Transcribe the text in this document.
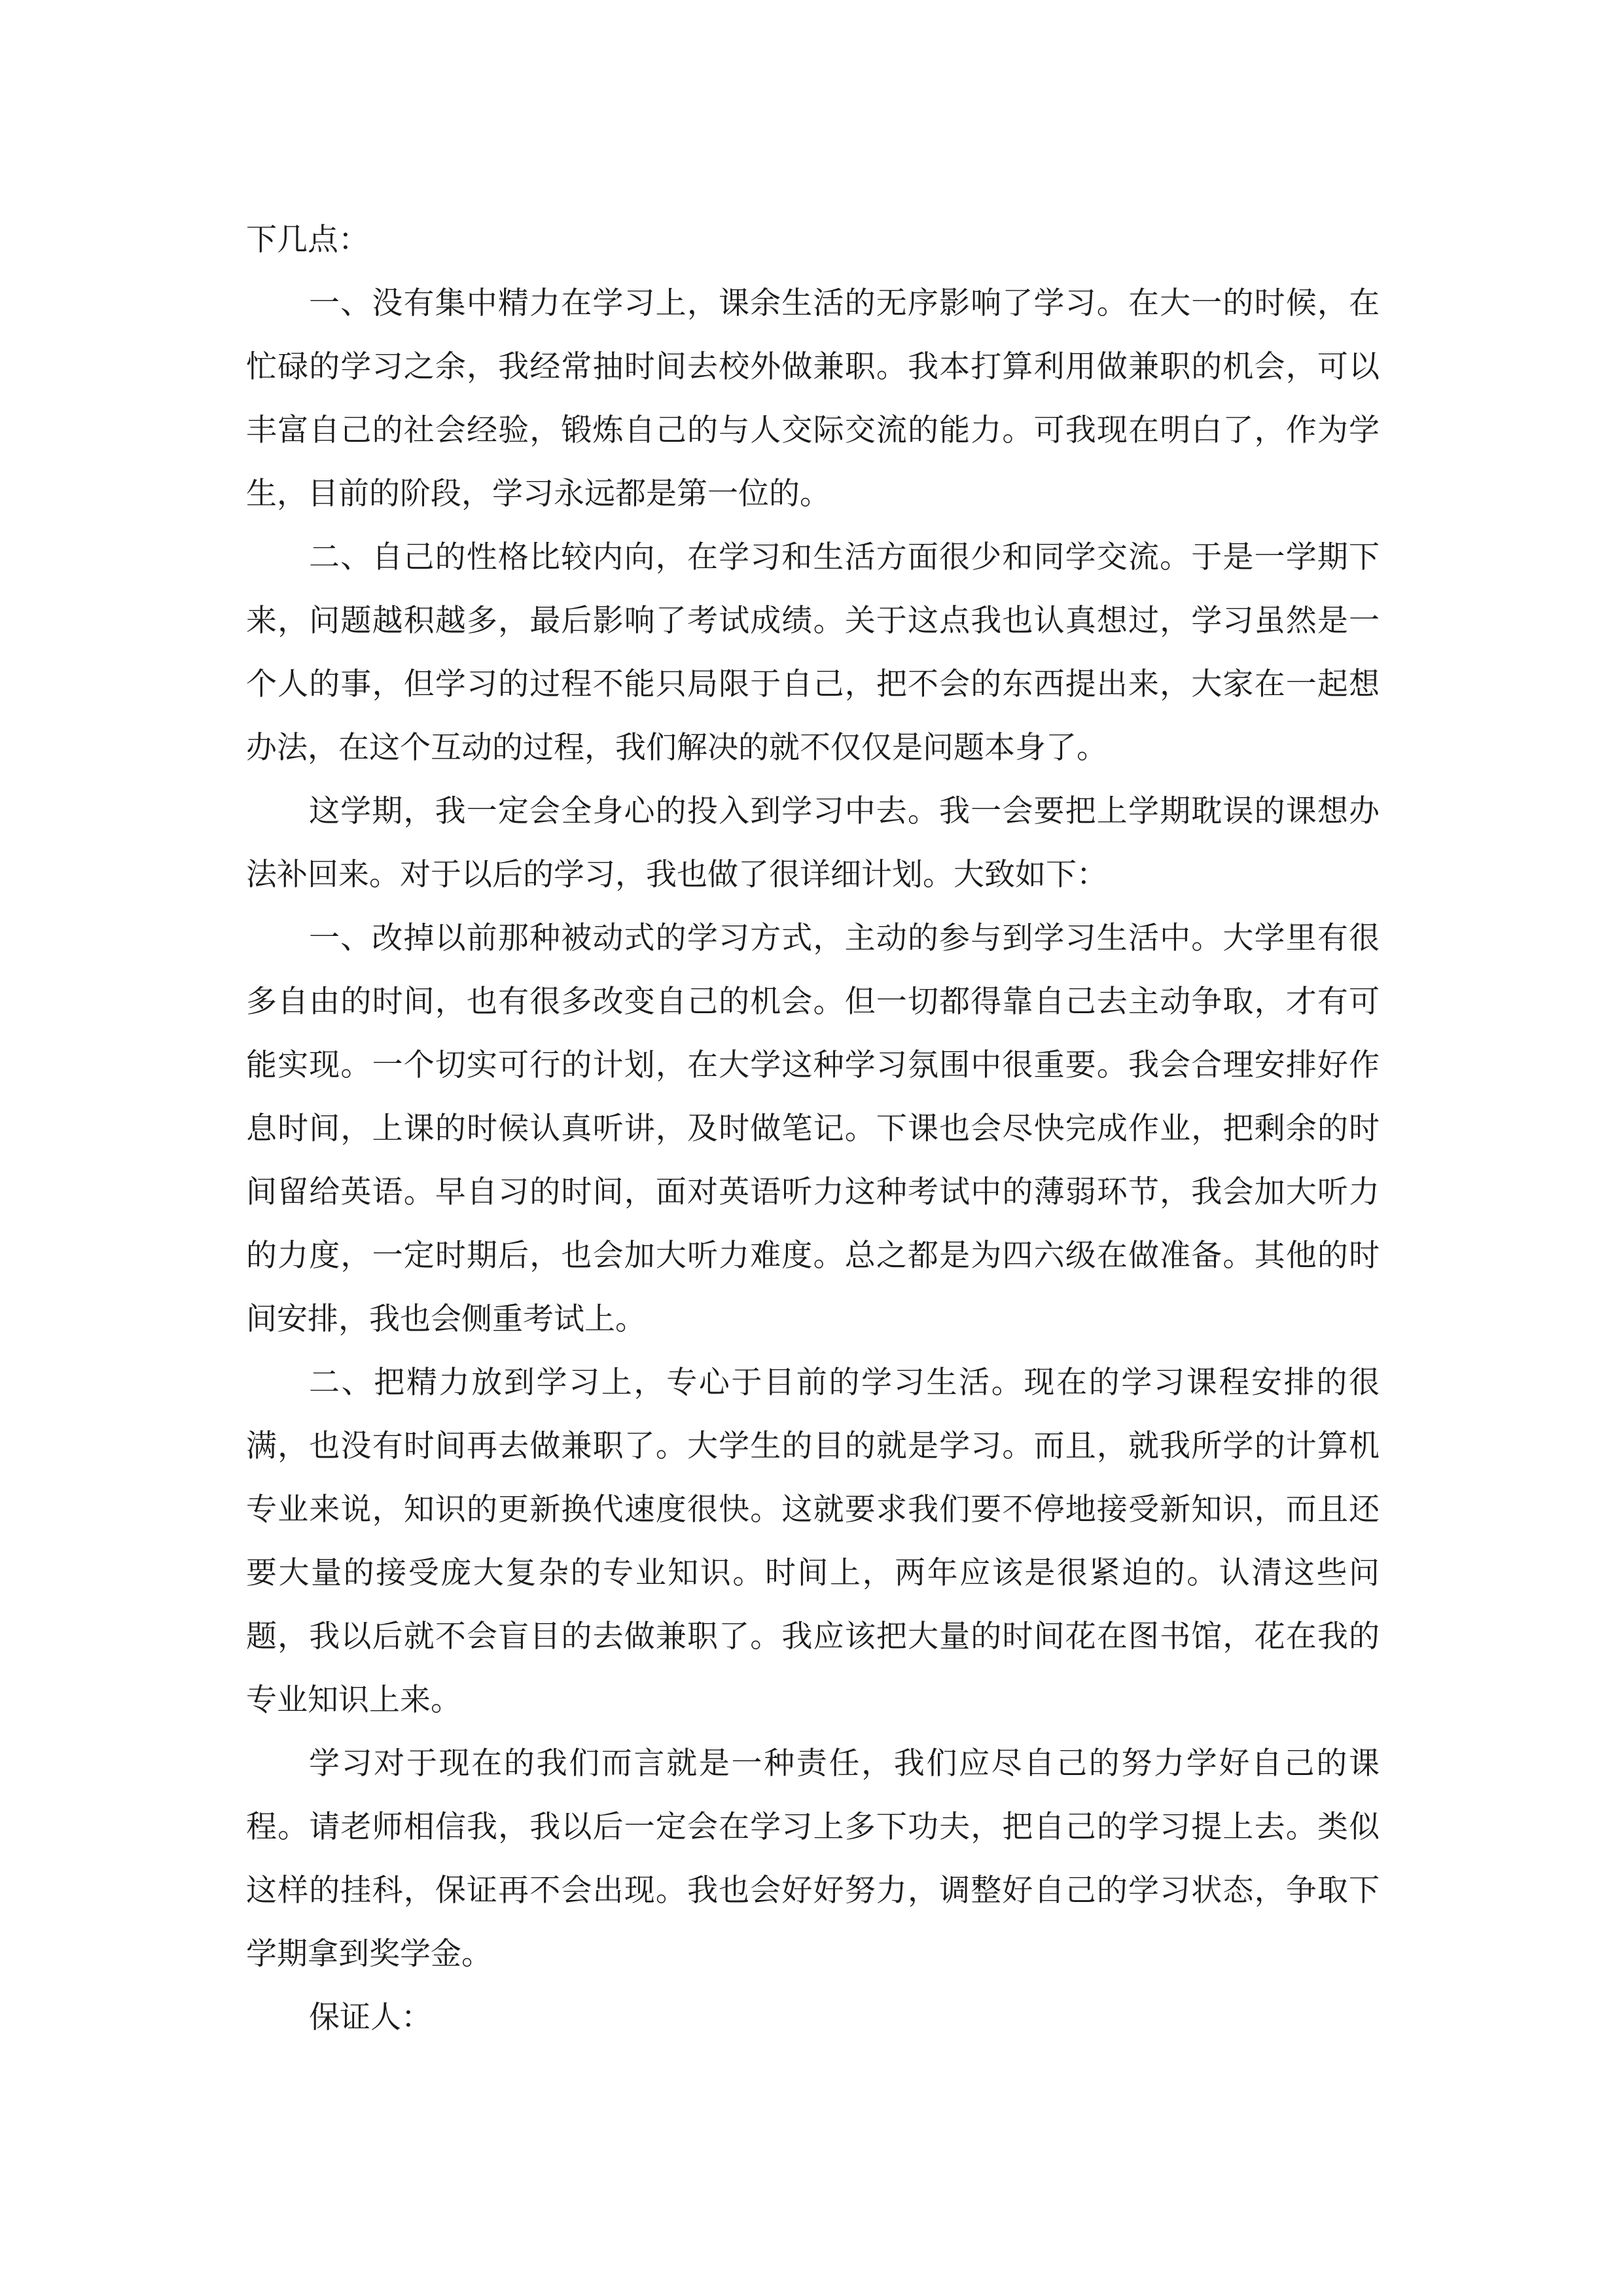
下几点：

一、没有集中精力在学习上，课余生活的无序影响了学习。在大一的时候，在忙碌的学习之余，我经常抽时间去校外做兼职。我本打算利用做兼职的机会，可以丰富自己的社会经验，锻炼自己的与人交际交流的能力。可我现在明白了，作为学生，目前的阶段，学习永远都是第一位的。

二、自己的性格比较内向，在学习和生活方面很少和同学交流。于是一学期下来，问题越积越多，最后影响了考试成绩。关于这点我也认真想过，学习虽然是一个人的事，但学习的过程不能只局限于自己，把不会的东西提出来，大家在一起想办法，在这个互动的过程，我们解决的就不仅仅是问题本身了。

这学期，我一定会全身心的投入到学习中去。我一会要把上学期耽误的课想办法补回来。对于以后的学习，我也做了很详细计划。大致如下：

一、改掉以前那种被动式的学习方式，主动的参与到学习生活中。大学里有很多自由的时间，也有很多改变自己的机会。但一切都得靠自己去主动争取，才有可能实现。一个切实可行的计划，在大学这种学习氛围中很重要。我会合理安排好作息时间，上课的时候认真听讲，及时做笔记。下课也会尽快完成作业，把剩余的时间留给英语。早自习的时间，面对英语听力这种考试中的薄弱环节，我会加大听力的力度，一定时期后，也会加大听力难度。总之都是为四六级在做准备。其他的时间安排，我也会侧重考试上。

二、把精力放到学习上，专心于目前的学习生活。现在的学习课程安排的很满，也没有时间再去做兼职了。大学生的目的就是学习。而且，就我所学的计算机专业来说，知识的更新换代速度很快。这就要求我们要不停地接受新知识，而且还要大量的接受庞大复杂的专业知识。时间上，两年应该是很紧迫的。认清这些问题，我以后就不会盲目的去做兼职了。我应该把大量的时间花在图书馆，花在我的专业知识上来。

学习对于现在的我们而言就是一种责任，我们应尽自己的努力学好自己的课程。请老师相信我，我以后一定会在学习上多下功夫，把自己的学习提上去。类似这样的挂科，保证再不会出现。我也会好好努力，调整好自己的学习状态，争取下学期拿到奖学金。

保证人：
